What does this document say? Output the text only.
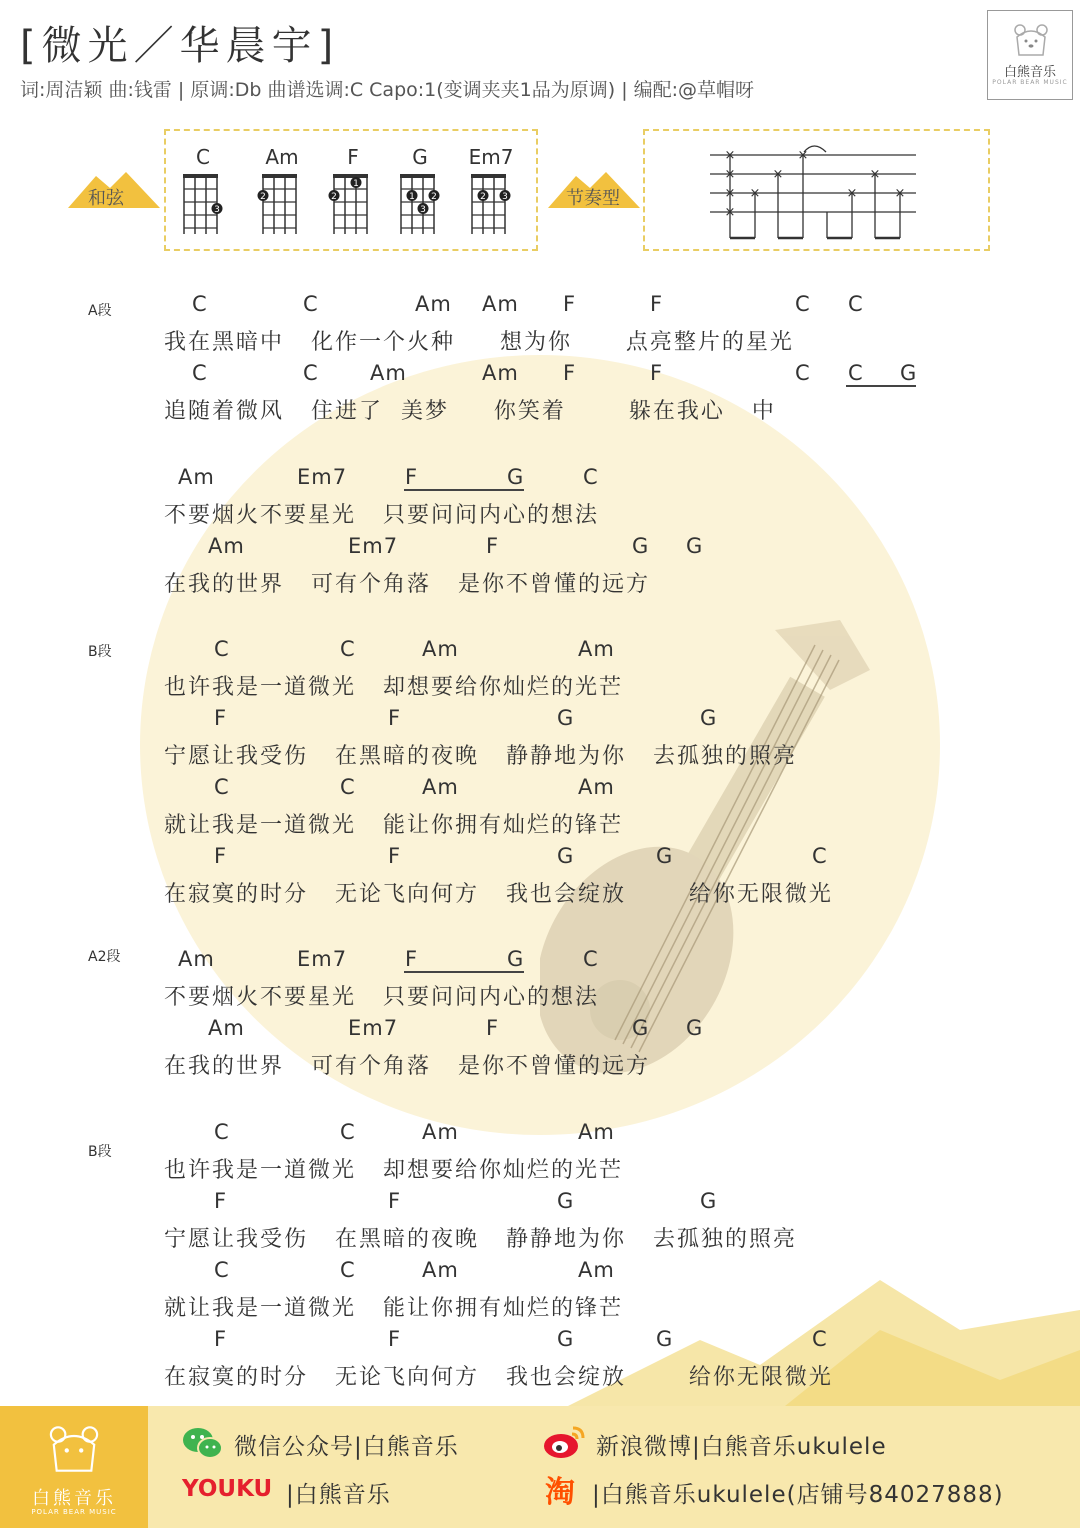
[微光／华晨宇]
词:周洁颖 曲:钱雷 | 原调:Db 曲谱选调:C Capo:1(变调夹夹1品为原调) | 编配:@草帽呀
白熊音乐
POLAR BEAR MUSIC
和弦
C
3
Am
2
F
1
2
G
1 2
3
Em7
2 3	节奏型
×
×
×
×
×
×
×
×
×
×
A段
B段
A2段
B段
C	C	Am Am F	F	C C
我在黑暗中   化作一个火种     想为你      点亮整片的星光
C	C Am	Am F	F	C C G
追随着微风   住进了  美梦     你笑着       躲在我心   中
Am	Em7	F	G	C
不要烟火不要星光   只要问问内心的想法
Am	Em7	F	G G
在我的世界   可有个角落   是你不曾懂的远方
C	C	Am	Am
也许我是一道微光   却想要给你灿烂的光芒
F	F	G	G
宁愿让我受伤   在黑暗的夜晚   静静地为你   去孤独的照亮
C	C	Am	Am
就让我是一道微光   能让你拥有灿烂的锋芒
F	F	G	G	C
在寂寞的时分   无论飞向何方   我也会绽放       给你无限微光
Am	Em7	F	G	C
不要烟火不要星光   只要问问内心的想法
Am	Em7	F	G G
在我的世界   可有个角落   是你不曾懂的远方
C	C	Am	Am
也许我是一道微光   却想要给你灿烂的光芒
F	F	G	G
宁愿让我受伤   在黑暗的夜晚   静静地为你   去孤独的照亮
C	C	Am	Am
就让我是一道微光   能让你拥有灿烂的锋芒
F	F	G	G	C
在寂寞的时分   无论飞向何方   我也会绽放       给你无限微光
白熊音乐
POLAR BEAR MUSIC
微信公众号|白熊音乐	新浪微博|白熊音乐ukulele
YOUKU |白熊音乐	淘 |白熊音乐ukulele(店铺号84027888)
